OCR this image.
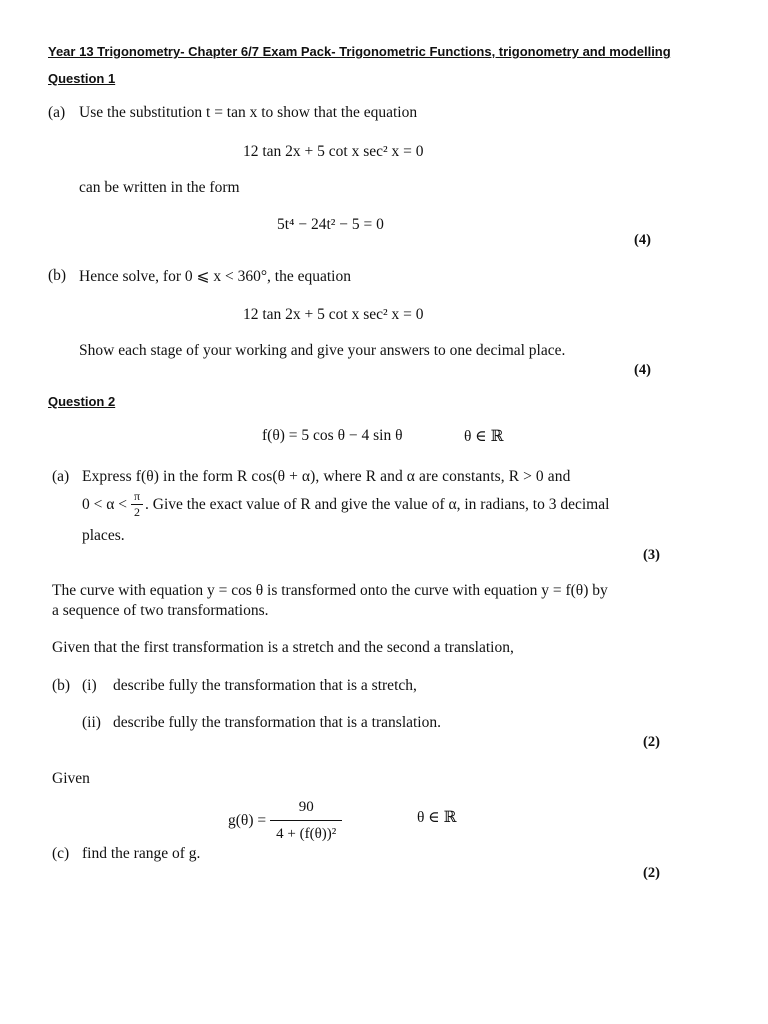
Year 13 Trigonometry- Chapter 6/7 Exam Pack- Trigonometric Functions, trigonometry and modelling
Question 1
(a) Use the substitution t = tan x to show that the equation
12 tan 2x + 5 cot x sec² x = 0
can be written in the form
5t⁴ − 24t² − 5 = 0
(4)
(b) Hence solve, for 0 ⩽ x < 360°, the equation
12 tan 2x + 5 cot x sec² x = 0
Show each stage of your working and give your answers to one decimal place.
(4)
Question 2
f(θ) = 5 cos θ − 4 sin θ	θ ∈ ℝ
(a) Express f(θ) in the form R cos(θ + α), where R and α are constants, R > 0 and
$0 < \alpha < \frac{\pi}{2}$ . Give the exact value of R and give the value of α, in radians, to 3 decimal
places.
(3)
The curve with equation y = cos θ is transformed onto the curve with equation y = f(θ) by
a sequence of two transformations.
Given that the first transformation is a stretch and the second a translation,
(b) (i) describe fully the transformation that is a stretch,
(ii) describe fully the transformation that is a translation.
(2)
Given
$g(\theta) = \frac{90}{\text{4 + (f(θ))²}}$	θ ∈ ℝ
(c) find the range of g.
(2)
